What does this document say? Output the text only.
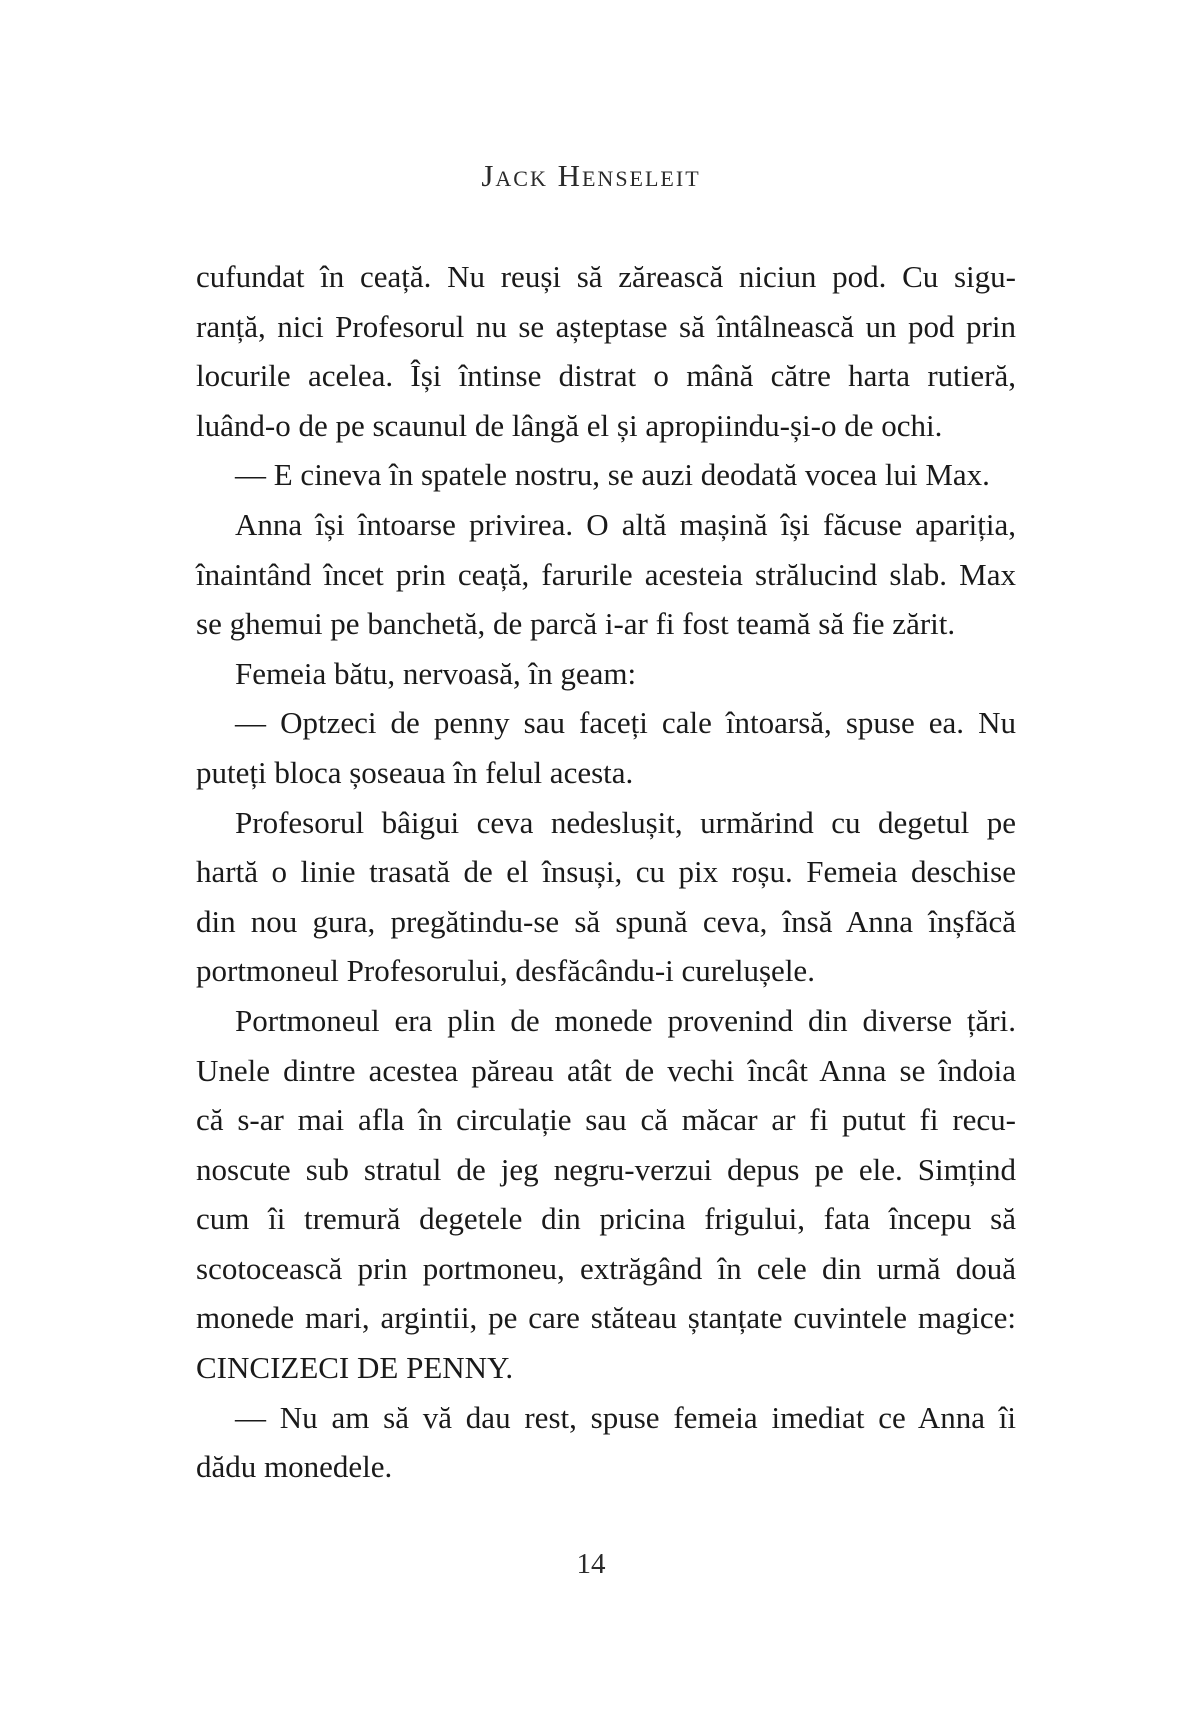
Jack Henseleit
cufundat în ceață. Nu reuși să zărească niciun pod. Cu sigu-
ranță, nici Profesorul nu se așteptase să întâlnească un pod prin
locurile acelea. Își întinse distrat o mână către harta rutieră,
luând-o de pe scaunul de lângă el și apropiindu-și-o de ochi.
— E cineva în spatele nostru, se auzi deodată vocea lui Max.
Anna își întoarse privirea. O altă mașină își făcuse apariția,
înaintând încet prin ceață, farurile acesteia strălucind slab. Max
se ghemui pe banchetă, de parcă i-ar fi fost teamă să fie zărit.
Femeia bătu, nervoasă, în geam:
— Optzeci de penny sau faceți cale întoarsă, spuse ea. Nu
puteți bloca șoseaua în felul acesta.
Profesorul bâigui ceva nedeslușit, urmărind cu degetul pe
hartă o linie trasată de el însuși, cu pix roșu. Femeia deschise
din nou gura, pregătindu-se să spună ceva, însă Anna înșfăcă
portmoneul Profesorului, desfăcându-i curelușele.
Portmoneul era plin de monede provenind din diverse țări.
Unele dintre acestea păreau atât de vechi încât Anna se îndoia
că s-ar mai afla în circulație sau că măcar ar fi putut fi recu-
noscute sub stratul de jeg negru-verzui depus pe ele. Simțind
cum îi tremură degetele din pricina frigului, fata începu să
scotocească prin portmoneu, extrăgând în cele din urmă două
monede mari, argintii, pe care stăteau ștanțate cuvintele magice:
CINCIZECI DE PENNY.
— Nu am să vă dau rest, spuse femeia imediat ce Anna îi
dădu monedele.
14
